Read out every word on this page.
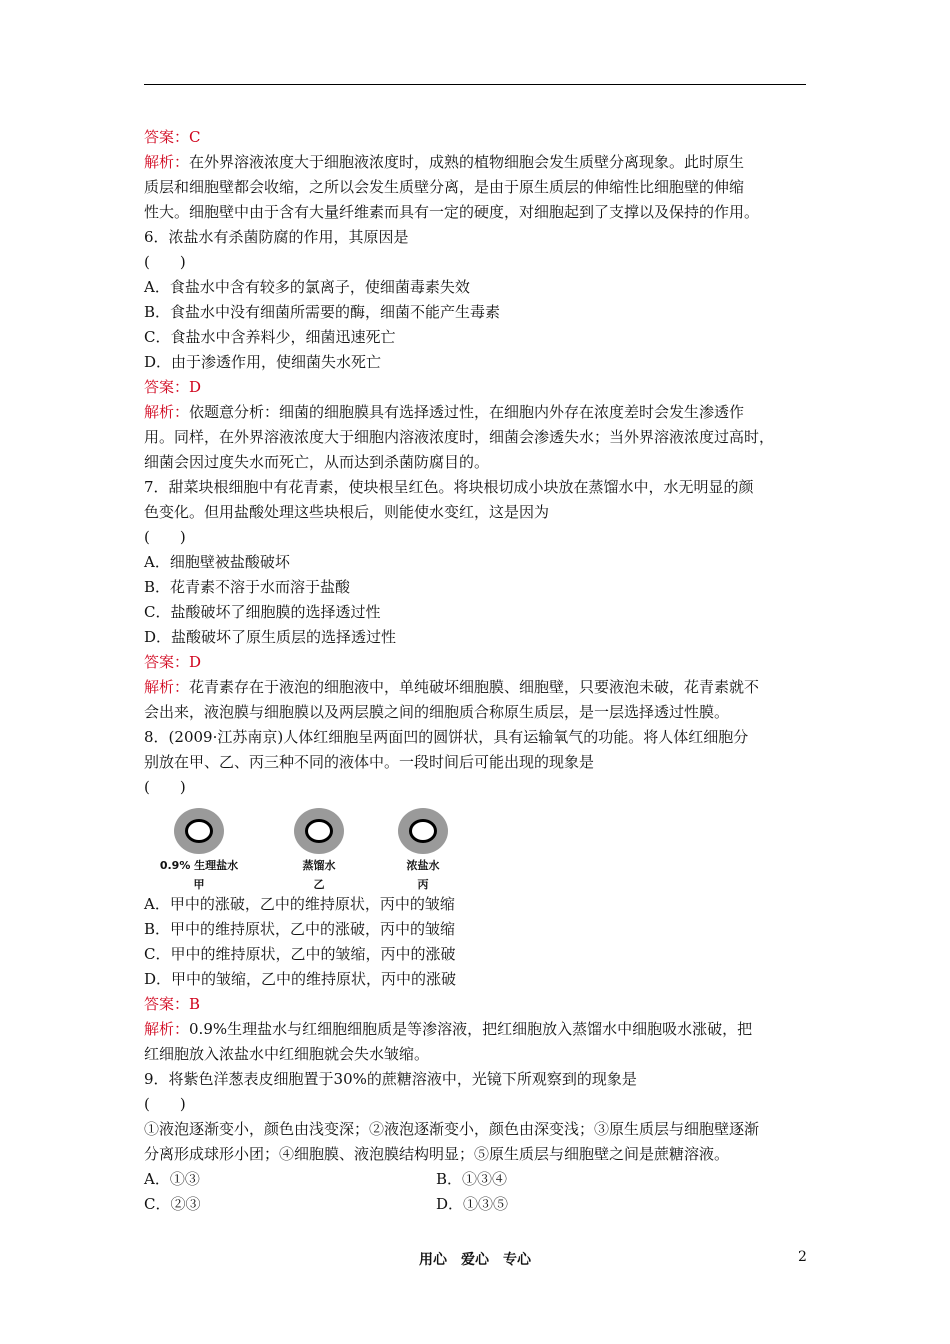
答案：C
解析：在外界溶液浓度大于细胞液浓度时，成熟的植物细胞会发生质壁分离现象。此时原生
质层和细胞壁都会收缩，之所以会发生质壁分离，是由于原生质层的伸缩性比细胞壁的伸缩
性大。细胞壁中由于含有大量纤维素而具有一定的硬度，对细胞起到了支撑以及保持的作用。
6．浓盐水有杀菌防腐的作用，其原因是
(　　)
A．食盐水中含有较多的氯离子，使细菌毒素失效
B．食盐水中没有细菌所需要的酶，细菌不能产生毒素
C．食盐水中含养料少，细菌迅速死亡
D．由于渗透作用，使细菌失水死亡
答案：D
解析：依题意分析：细菌的细胞膜具有选择透过性，在细胞内外存在浓度差时会发生渗透作
用。同样，在外界溶液浓度大于细胞内溶液浓度时，细菌会渗透失水；当外界溶液浓度过高时，
细菌会因过度失水而死亡，从而达到杀菌防腐目的。
7．甜菜块根细胞中有花青素，使块根呈红色。将块根切成小块放在蒸馏水中，水无明显的颜
色变化。但用盐酸处理这些块根后，则能使水变红，这是因为
(　　)
A．细胞壁被盐酸破坏
B．花青素不溶于水而溶于盐酸
C．盐酸破坏了细胞膜的选择透过性
D．盐酸破坏了原生质层的选择透过性
答案：D
解析：花青素存在于液泡的细胞液中，单纯破坏细胞膜、细胞壁，只要液泡未破，花青素就不
会出来，液泡膜与细胞膜以及两层膜之间的细胞质合称原生质层，是一层选择透过性膜。
8．(2009·江苏南京)人体红细胞呈两面凹的圆饼状，具有运输氧气的功能。将人体红细胞分
别放在甲、乙、丙三种不同的液体中。一段时间后可能出现的现象是
(　　)
0.9% 生理盐水
甲
蒸馏水
乙
浓盐水
丙
A．甲中的涨破，乙中的维持原状，丙中的皱缩
B．甲中的维持原状，乙中的涨破，丙中的皱缩
C．甲中的维持原状，乙中的皱缩，丙中的涨破
D．甲中的皱缩，乙中的维持原状，丙中的涨破
答案：B
解析：0.9%生理盐水与红细胞细胞质是等渗溶液，把红细胞放入蒸馏水中细胞吸水涨破，把
红细胞放入浓盐水中红细胞就会失水皱缩。
9．将紫色洋葱表皮细胞置于30%的蔗糖溶液中，光镜下所观察到的现象是
(　　)
①液泡逐渐变小，颜色由浅变深；②液泡逐渐变小，颜色由深变浅；③原生质层与细胞壁逐渐
分离形成球形小团；④细胞膜、液泡膜结构明显；⑤原生质层与细胞壁之间是蔗糖溶液。
A．①③	B．①③④
C．②③	D．①③⑤
用心　爱心　专心	2
